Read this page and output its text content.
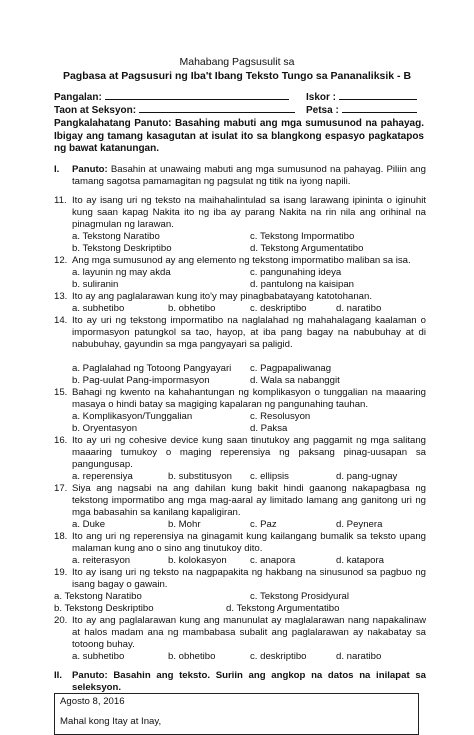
Mahabang Pagsusulit sa
Pagbasa at Pagsusuri ng Iba't Ibang Teksto Tungo sa Pananaliksik - B
Pangalan:	Iskor :
Taon at Seksyon:	Petsa :
Pangkalahatang Panuto: Basahing mabuti ang mga sumusunod na pahayag. Ibigay ang tamang kasagutan at isulat ito sa blangkong espasyo pagkatapos ng bawat katanungan.
I. Panuto: Basahin at unawaing mabuti ang mga sumusunod na pahayag. Piliin ang tamang sagotsa pamamagitan ng pagsulat ng titik na iyong napili.
11. Ito ay isang uri ng teksto na maihahalintulad sa isang larawang ipininta o iginuhit kung saan kapag Nakita ito ng iba ay parang Nakita na rin nila ang orihinal na pinagmulan ng larawan.
a. Tekstong Naratibo	c. Tekstong Impormatibo
b. Tekstong Deskriptibo	d. Tekstong Argumentatibo
12. Ang mga sumusunod ay ang elemento ng tekstong impormatibo maliban sa isa.
a. layunin ng may akda	c. pangunahing ideya
b. suliranin	d. pantulong na kaisipan
13. Ito ay ang paglalarawan kung ito'y may pinagbabatayang katotohanan.
a. subhetibo	b. obhetibo	c. deskriptibo	d. naratibo
14. Ito ay uri ng tekstong impormatibo na naglalahad ng mahahalagang kaalaman o impormasyon patungkol sa tao, hayop, at iba pang bagay na nabubuhay at di nabubuhay, gayundin sa mga pangyayari sa paligid.
a. Paglalahad ng Totoong Pangyayari c. Pagpapaliwanag
b. Pag-uulat Pang-impormasyon	d. Wala sa nabanggit
15. Bahagi ng kwento na kahahantungan ng komplikasyon o tunggalian na maaaring masaya o hindi batay sa magiging kapalaran ng pangunahing tauhan.
a. Komplikasyon/Tunggalian	c. Resolusyon
b. Oryentasyon	d. Paksa
16. Ito ay uri ng cohesive device kung saan tinutukoy ang paggamit ng mga salitang maaaring tumukoy o maging reperensiya ng paksang pinag-uusapan sa pangungusap.
a. reperensiya	b. substitusyon c. ellipsis	d. pang-ugnay
17. Siya ang nagsabi na ang dahilan kung bakit hindi gaanong nakapagbasa ng tekstong impormatibo ang mga mag-aaral ay limitado lamang ang ganitong uri ng mga babasahin sa kanilang kapaligiran.
a. Duke	b. Mohr	c. Paz	d. Peynera
18. Ito ang uri ng reperensiya na ginagamit kung kailangang bumalik sa teksto upang malaman kung ano o sino ang tinutukoy dito.
a. reiterasyon	b. kolokasyon c. anapora	d. katapora
19. Ito ay isang uri ng teksto na nagpapakita ng hakbang na sinusunod sa pagbuo ng isang bagay o gawain.
a. Tekstong Naratibo	c. Tekstong Prosidyural
b. Tekstong Deskriptibo	d. Tekstong Argumentatibo
20. Ito ay ang paglalarawan kung ang manunulat ay maglalarawan nang napakalinaw at halos madam ana ng mambabasa subalit ang paglalarawan ay nakabatay sa totoong buhay.
a. subhetibo	b. obhetibo	c. deskriptibo	d. naratibo
II. Panuto: Basahin ang teksto. Suriin ang angkop na datos na inilapat sa seleksyon.
Agosto 8, 2016
Mahal kong Itay at Inay,
